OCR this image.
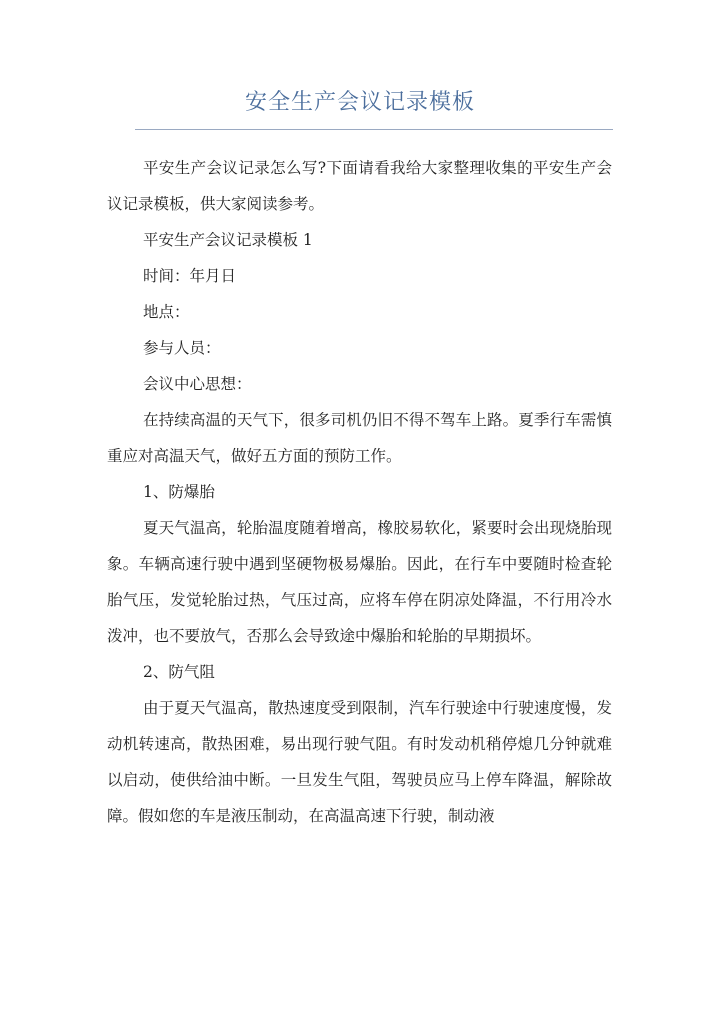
安全生产会议记录模板

平安生产会议记录怎么写?下面请看我给大家整理收集的平安生产会议记录模板，供大家阅读参考。

平安生产会议记录模板 1

时间：年月日

地点：

参与人员：

会议中心思想：

在持续高温的天气下，很多司机仍旧不得不驾车上路。夏季行车需慎重应对高温天气，做好五方面的预防工作。

1、防爆胎

夏天气温高，轮胎温度随着增高，橡胶易软化，紧要时会出现烧胎现象。车辆高速行驶中遇到坚硬物极易爆胎。因此，在行车中要随时检查轮胎气压，发觉轮胎过热，气压过高，应将车停在阴凉处降温，不行用冷水泼冲，也不要放气，否那么会导致途中爆胎和轮胎的早期损坏。

2、防气阻

由于夏天气温高，散热速度受到限制，汽车行驶途中行驶速度慢，发动机转速高，散热困难，易出现行驶气阻。有时发动机稍停熄几分钟就难以启动，使供给油中断。一旦发生气阻，驾驶员应马上停车降温，解除故障。假如您的车是液压制动，在高温高速下行驶，制动液
